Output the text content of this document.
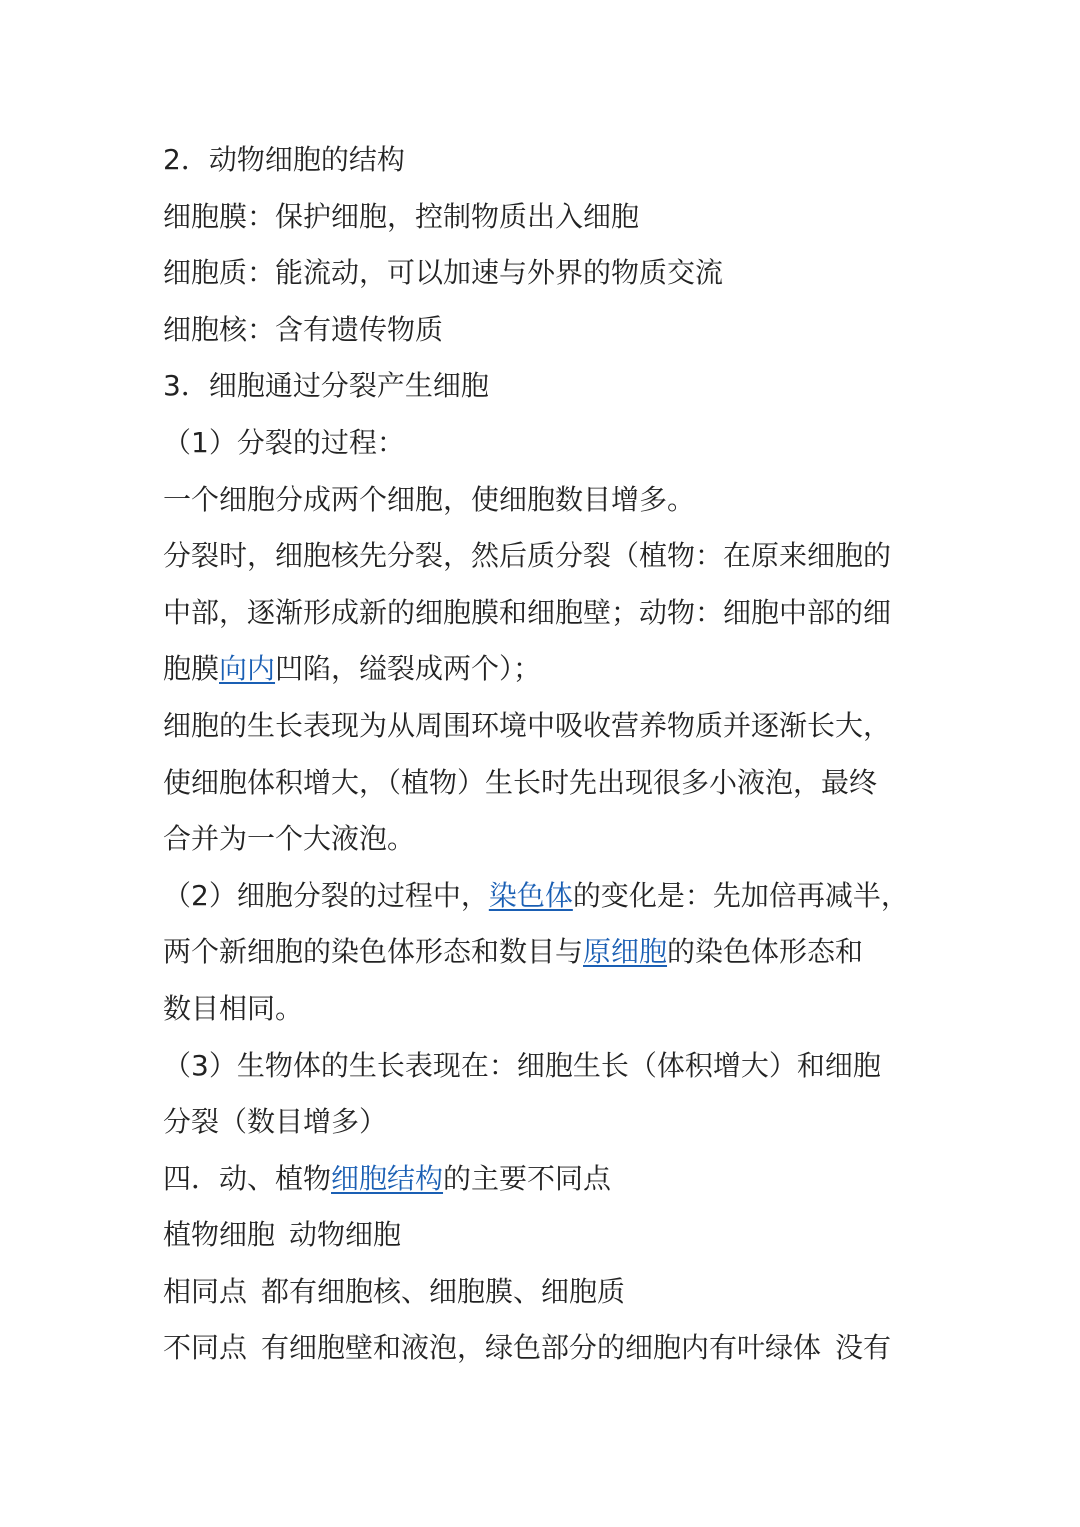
2．动物细胞的结构
细胞膜：保护细胞，控制物质出入细胞
细胞质：能流动，可以加速与外界的物质交流
细胞核：含有遗传物质
3．细胞通过分裂产生细胞
（1）分裂的过程：
一个细胞分成两个细胞，使细胞数目增多。
分裂时，细胞核先分裂，然后质分裂（植物：在原来细胞的
中部，逐渐形成新的细胞膜和细胞壁；动物：细胞中部的细
胞膜向内凹陷，缢裂成两个）；
细胞的生长表现为从周围环境中吸收营养物质并逐渐长大，
使细胞体积增大，（植物）生长时先出现很多小液泡，最终
合并为一个大液泡。
（2）细胞分裂的过程中，染色体的变化是：先加倍再减半，
两个新细胞的染色体形态和数目与原细胞的染色体形态和
数目相同。
（3）生物体的生长表现在：细胞生长（体积增大）和细胞
分裂（数目增多）
四．动、植物细胞结构的主要不同点
植物细胞 动物细胞
相同点 都有细胞核、细胞膜、细胞质
不同点 有细胞壁和液泡，绿色部分的细胞内有叶绿体 没有
